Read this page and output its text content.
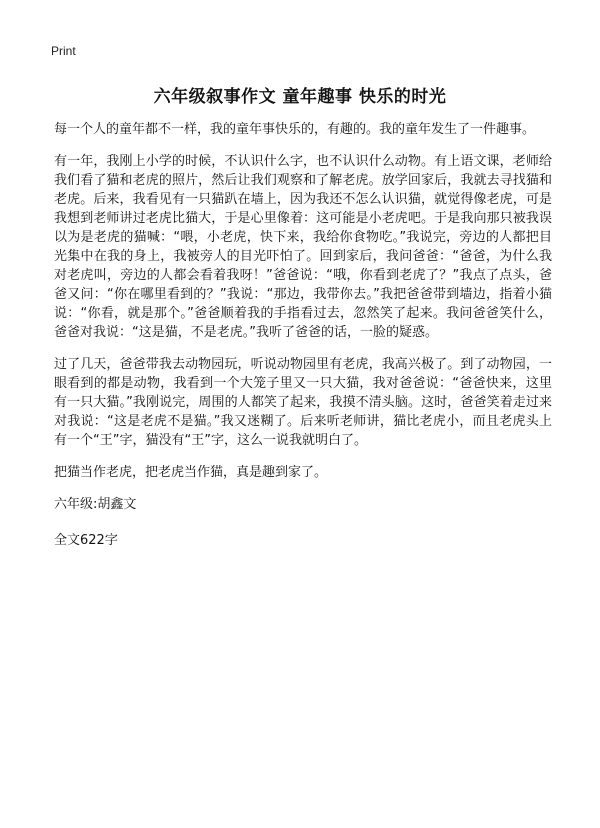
Print
六年级叙事作文 童年趣事 快乐的时光

每一个人的童年都不一样，我的童年事快乐的，有趣的。我的童年发生了一件趣事。

有一年，我刚上小学的时候，不认识什么字，也不认识什么动物。有上语文课，老师给我们看了猫和老虎的照片，然后让我们观察和了解老虎。放学回家后，我就去寻找猫和老虎。后来，我看见有一只猫趴在墙上，因为我还不怎么认识猫，就觉得像老虎，可是我想到老师讲过老虎比猫大，于是心里像着：这可能是小老虎吧。于是我向那只被我误以为是老虎的猫喊：“喂，小老虎，快下来，我给你食物吃。”我说完，旁边的人都把目光集中在我的身上，我被旁人的目光吓怕了。回到家后，我问爸爸：“爸爸，为什么我对老虎叫，旁边的人都会看着我呀！”爸爸说：“哦，你看到老虎了？”我点了点头，爸爸又问：“你在哪里看到的？”我说：“那边，我带你去。”我把爸爸带到墙边，指着小猫说：“你看，就是那个。”爸爸顺着我的手指看过去，忽然笑了起来。我问爸爸笑什么，爸爸对我说：“这是猫，不是老虎。”我听了爸爸的话，一脸的疑惑。

过了几天，爸爸带我去动物园玩，听说动物园里有老虎，我高兴极了。到了动物园，一眼看到的都是动物，我看到一个大笼子里又一只大猫，我对爸爸说：“爸爸快来，这里有一只大猫。”我刚说完，周围的人都笑了起来，我摸不清头脑。这时，爸爸笑着走过来对我说：“这是老虎不是猫。”我又迷糊了。后来听老师讲，猫比老虎小，而且老虎头上有一个“王”字，猫没有“王”字，这么一说我就明白了。

把猫当作老虎，把老虎当作猫，真是趣到家了。

六年级:胡鑫文

全文622字
